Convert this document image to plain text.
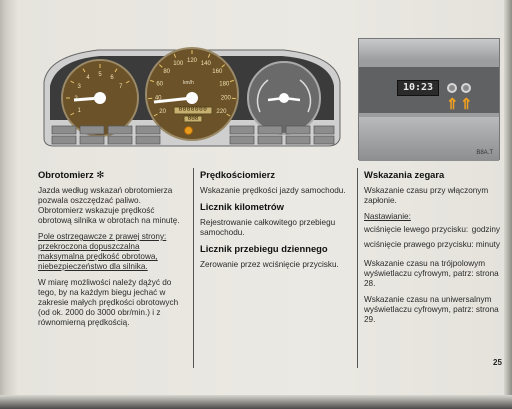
1
3
4
5
6
7
20
40
60
80
100 120 140
160
180
200
220
0000000
000
km/h	10:23
⇑ ⇑
B8A.T
Obrotomierz ✻

Jazda według wskazań obrotomierza pozwala oszczędzać paliwo. Obrotomierz wskazuje prędkość obrotową silnika w obrotach na minutę.

Pole ostrzegawcze z prawej strony: przekroczona dopuszczalna maksymalna prędkość obrotowa, niebezpieczeństwo dla silnika.

W miarę możliwości należy dążyć do tego, by na każdym biegu jechać w zakresie małych prędkości obrotowych (od ok. 2000 do 3000 obr/min.) i z równomierną prędkością.

Prędkościomierz

Wskazanie prędkości jazdy samochodu.

Licznik kilometrów

Rejestrowanie całkowitego przebiegu samochodu.

Licznik przebiegu dziennego

Zerowanie przez wciśnięcie przycisku.

Wskazania zegara

Wskazanie czasu przy włączonym zapłonie.

Nastawianie:

wciśnięcie lewego przycisku: godziny
wciśnięcie prawego przycisku: minuty

Wskazanie czasu na trójpolowym wyświetlaczu cyfrowym, patrz: strona 28.

Wskazanie czasu na uniwersalnym wyświetlaczu cyfrowym, patrz: strona 29.

25
